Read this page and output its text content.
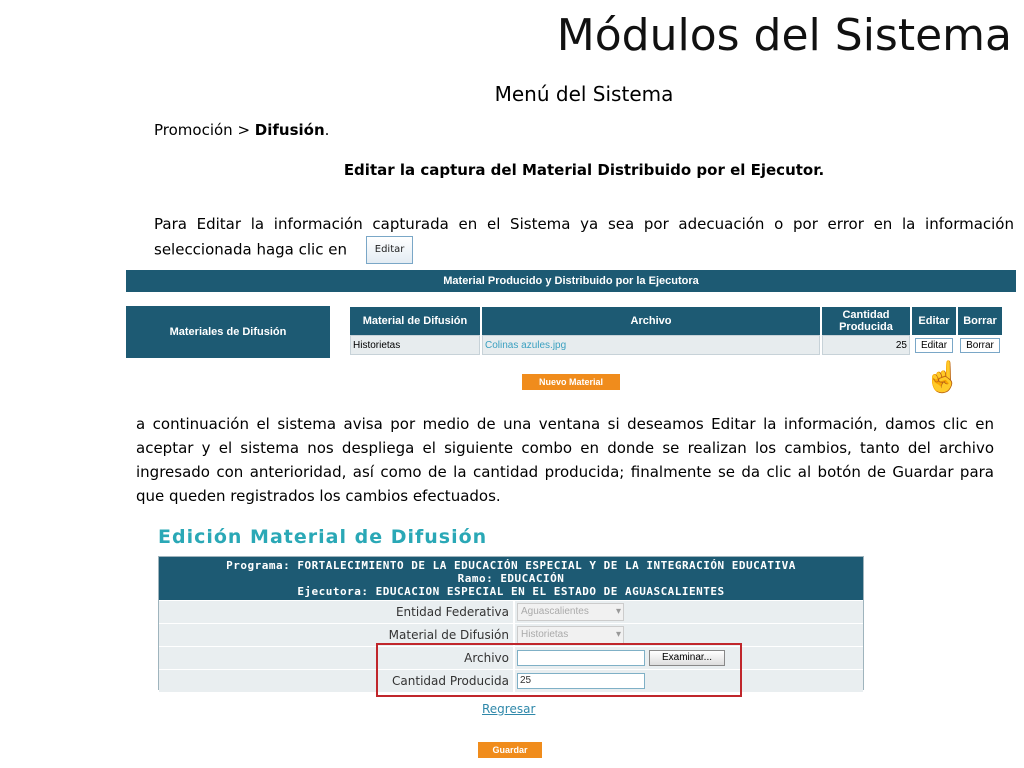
Módulos del Sistema
Menú del Sistema
Promoción > Difusión.
Editar la captura del Material Distribuido por el Ejecutor.
Para Editar la información capturada en el Sistema ya sea por adecuación o por error en la información seleccionada haga clic en	Editar
Material Producido y Distribuido por la Ejecutora
Materiales de Difusión
Material de Difusión	Archivo	Cantidad Producida	Editar	Borrar
Historietas	Colinas azules.jpg	25	Editar	Borrar
☝
Nuevo Material
a continuación el sistema avisa por medio de una ventana si deseamos Editar la información, damos clic en aceptar y el sistema nos despliega el siguiente combo en donde se realizan los cambios, tanto del archivo ingresado con anterioridad, así como de la cantidad producida; finalmente se da clic al botón de Guardar para que queden registrados los cambios efectuados.
Edición Material de Difusión
Programa: FORTALECIMIENTO DE LA EDUCACIÓN ESPECIAL Y DE LA INTEGRACIÓN EDUCATIVA
Ramo: EDUCACIÓN
Ejecutora: EDUCACION ESPECIAL EN EL ESTADO DE AGUASCALIENTES
Entidad Federativa	Aguascalientes	▾
Material de Difusión	Historietas	▾
Archivo	Examinar...
Cantidad Producida	25
Regresar
Guardar
